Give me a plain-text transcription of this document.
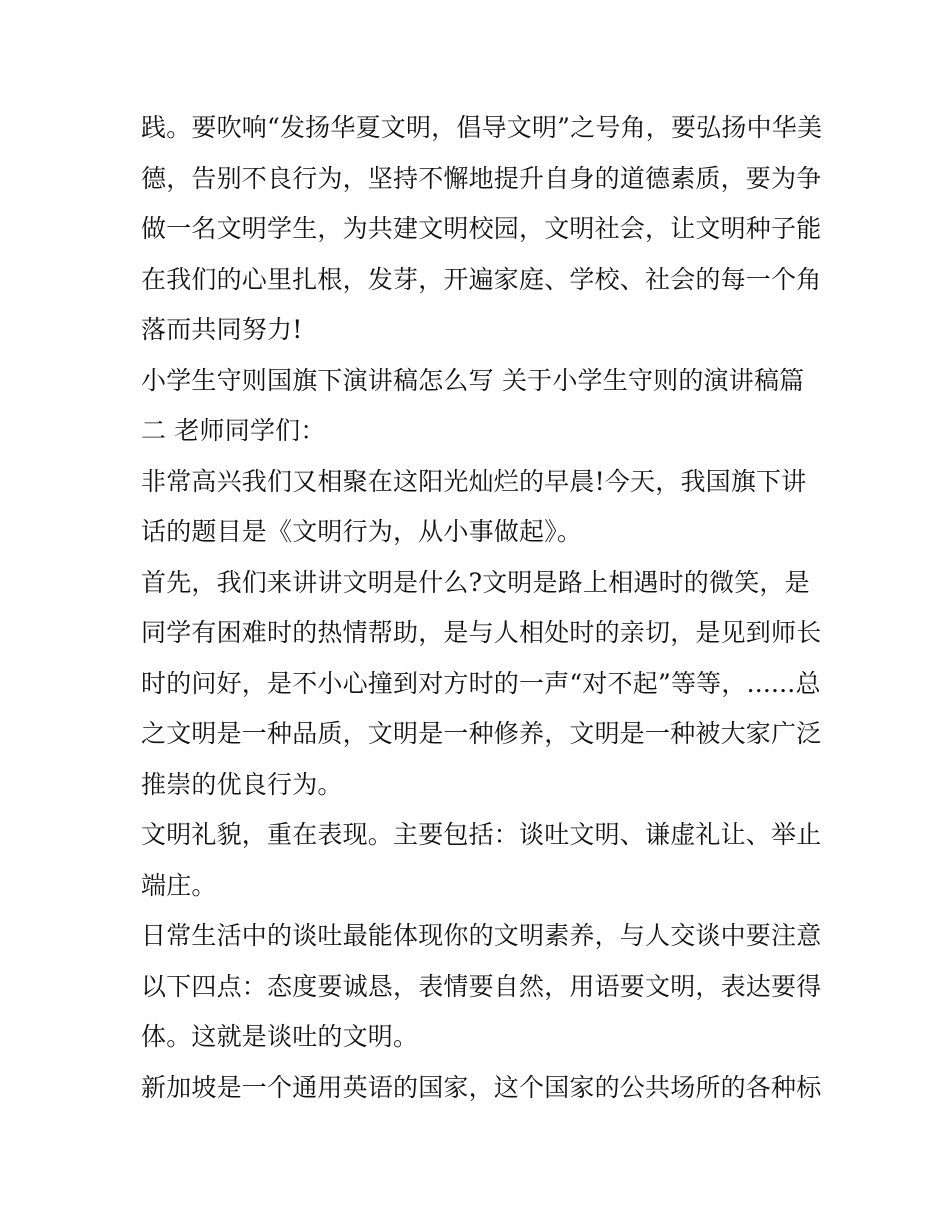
践。要吹响“发扬华夏文明，倡导文明”之号角，要弘扬中华美
德，告别不良行为，坚持不懈地提升自身的道德素质，要为争
做一名文明学生，为共建文明校园，文明社会，让文明种子能
在我们的心里扎根，发芽，开遍家庭、学校、社会的每一个角
落而共同努力!
小学生守则国旗下演讲稿怎么写 关于小学生守则的演讲稿篇
二 老师同学们：
非常高兴我们又相聚在这阳光灿烂的早晨!今天，我国旗下讲
话的题目是《文明行为，从小事做起》。
首先，我们来讲讲文明是什么?文明是路上相遇时的微笑，是
同学有困难时的热情帮助，是与人相处时的亲切，是见到师长
时的问好，是不小心撞到对方时的一声“对不起”等等，......总
之文明是一种品质，文明是一种修养，文明是一种被大家广泛
推崇的优良行为。
文明礼貌，重在表现。主要包括：谈吐文明、谦虚礼让、举止
端庄。
日常生活中的谈吐最能体现你的文明素养，与人交谈中要注意
以下四点：态度要诚恳，表情要自然，用语要文明，表达要得
体。这就是谈吐的文明。
新加坡是一个通用英语的国家，这个国家的公共场所的各种标
